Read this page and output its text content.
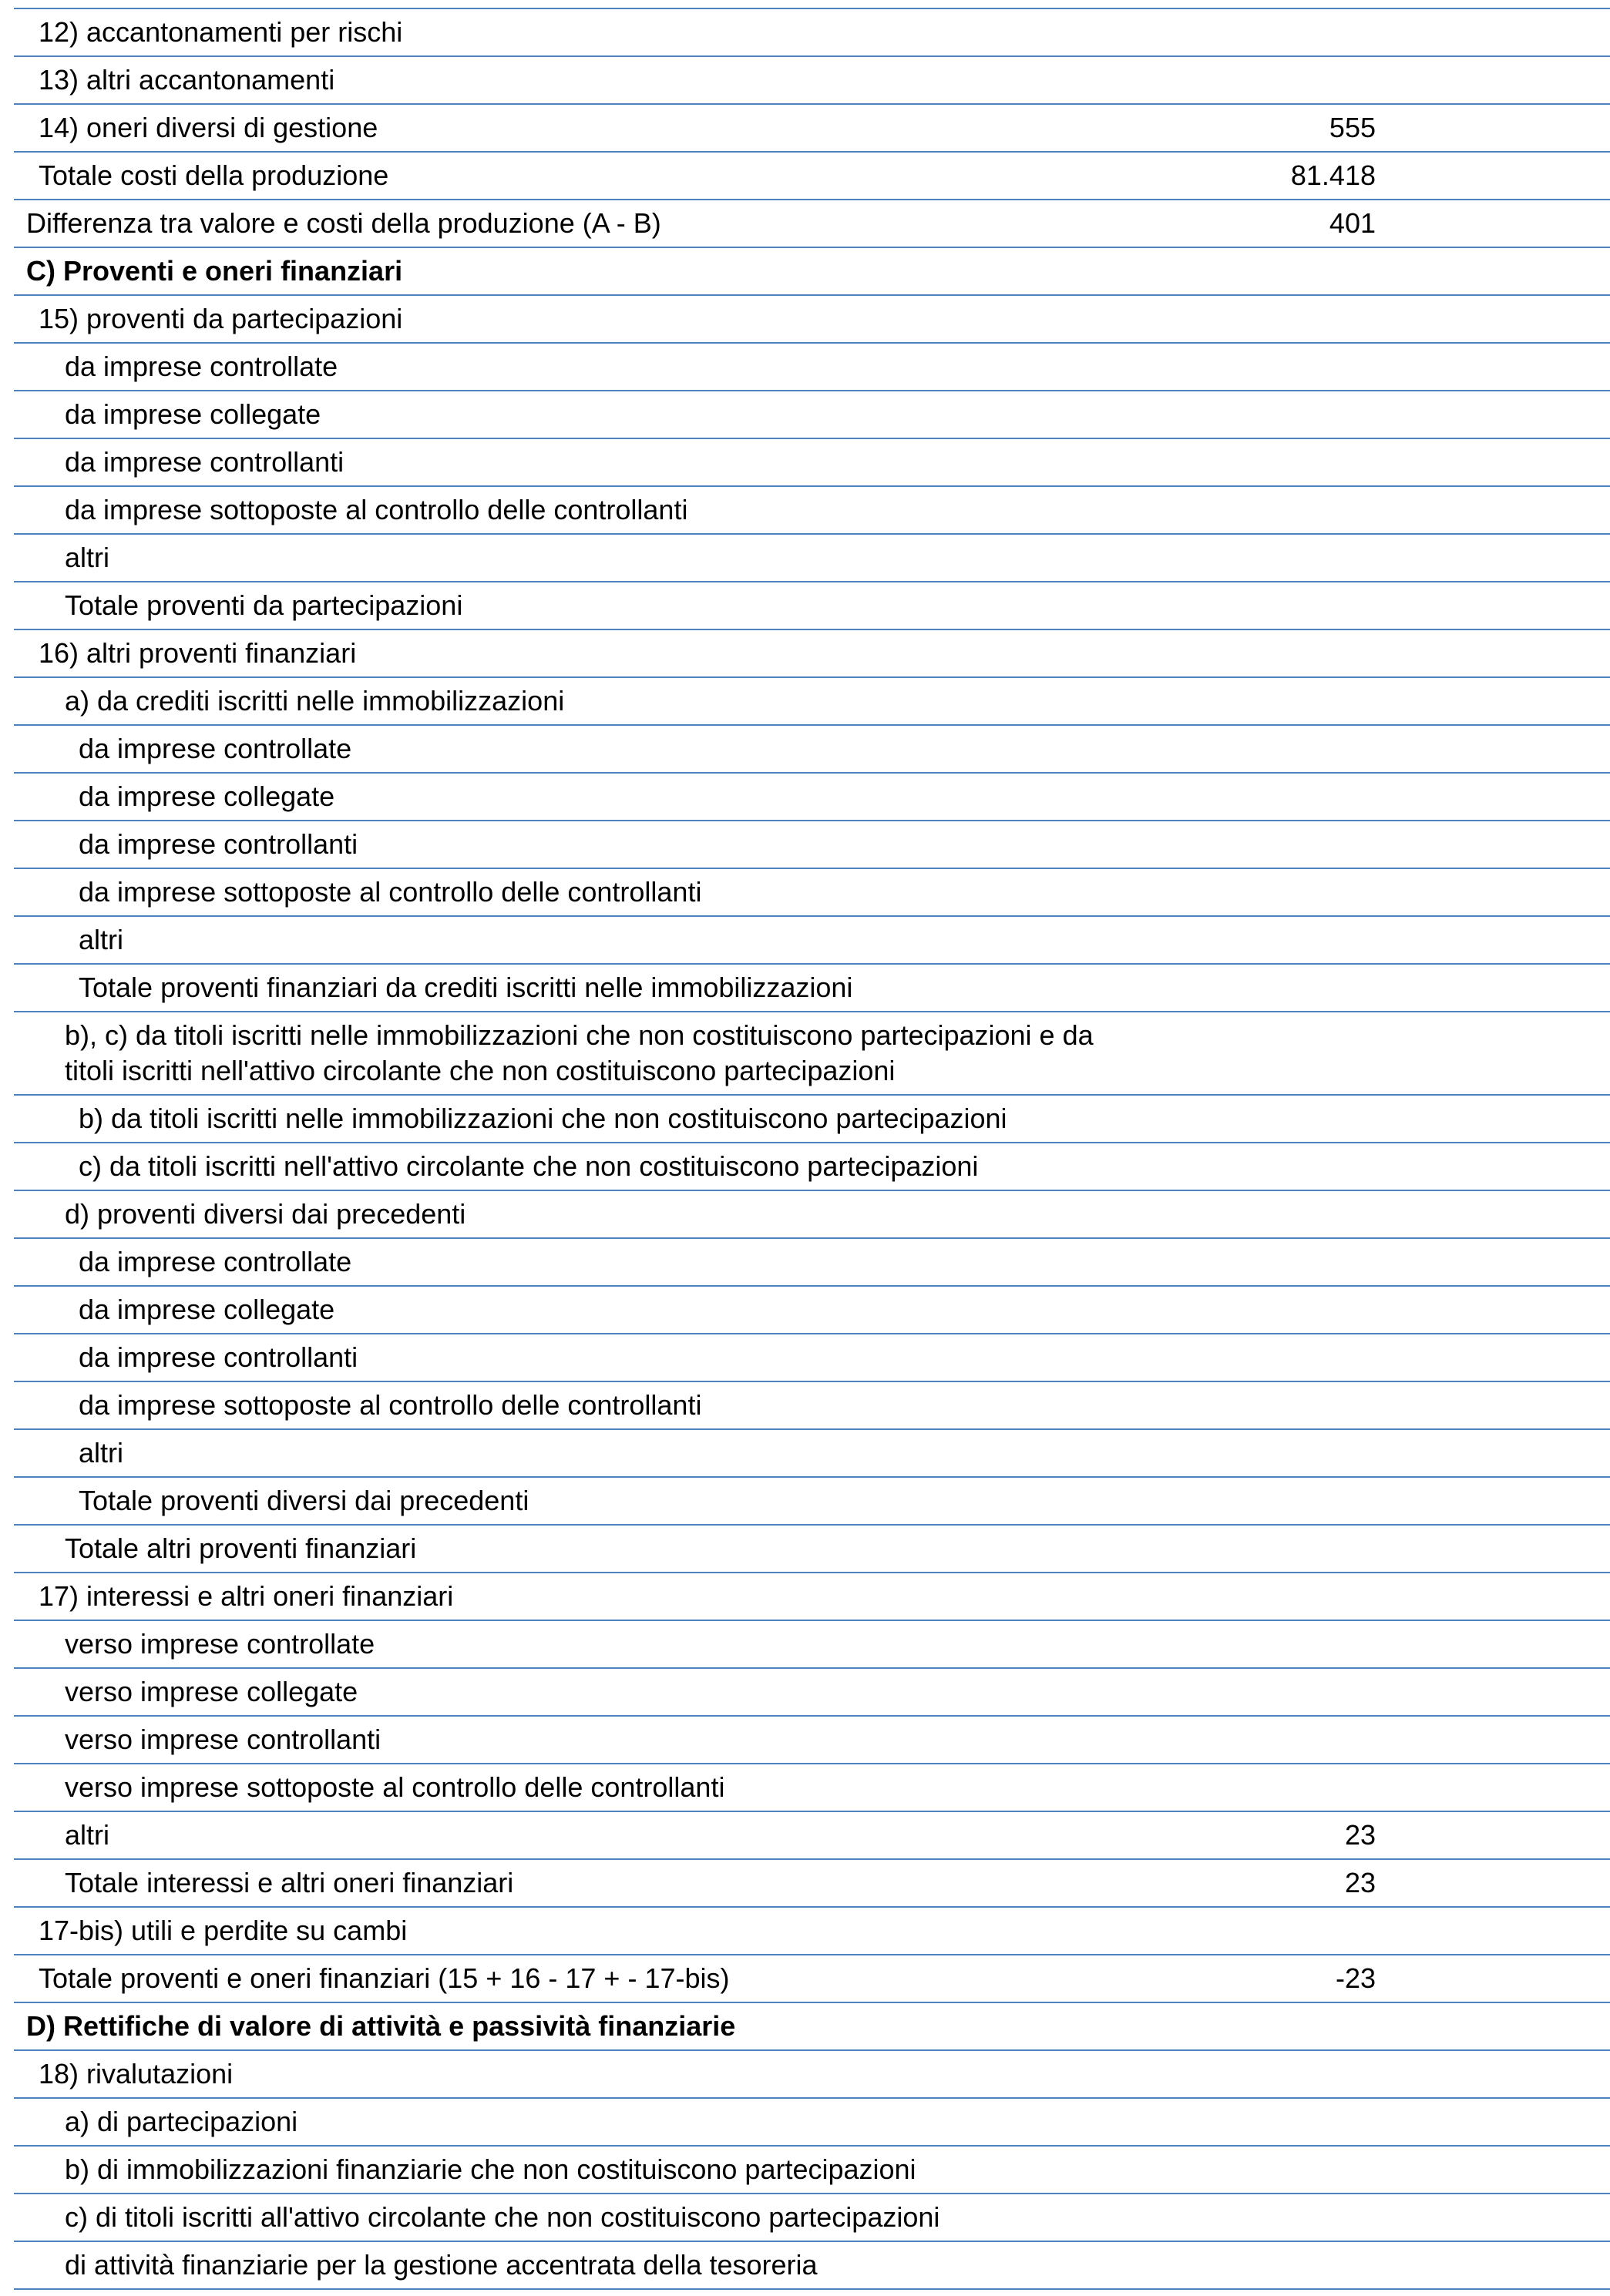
12) accantonamenti per rischi		
13) altri accantonamenti		
14) oneri diversi di gestione	555	
Totale costi della produzione	81.418	
Differenza tra valore e costi della produzione (A - B)	401	
C) Proventi e oneri finanziari		
15) proventi da partecipazioni		
da imprese controllate		
da imprese collegate		
da imprese controllanti		
da imprese sottoposte al controllo delle controllanti		
altri		
Totale proventi da partecipazioni		
16) altri proventi finanziari		
a) da crediti iscritti nelle immobilizzazioni		
da imprese controllate		
da imprese collegate		
da imprese controllanti		
da imprese sottoposte al controllo delle controllanti		
altri		
Totale proventi finanziari da crediti iscritti nelle immobilizzazioni		
b), c) da titoli iscritti nelle immobilizzazioni che non costituiscono partecipazioni e da titoli iscritti nell'attivo circolante che non costituiscono partecipazioni		
b) da titoli iscritti nelle immobilizzazioni che non costituiscono partecipazioni		
c) da titoli iscritti nell'attivo circolante che non costituiscono partecipazioni		
d) proventi diversi dai precedenti		
da imprese controllate		
da imprese collegate		
da imprese controllanti		
da imprese sottoposte al controllo delle controllanti		
altri		
Totale proventi diversi dai precedenti		
Totale altri proventi finanziari		
17) interessi e altri oneri finanziari		
verso imprese controllate		
verso imprese collegate		
verso imprese controllanti		
verso imprese sottoposte al controllo delle controllanti		
altri	23	
Totale interessi e altri oneri finanziari	23	
17-bis) utili e perdite su cambi		
Totale proventi e oneri finanziari (15 + 16 - 17 + - 17-bis)	-23	
D) Rettifiche di valore di attività e passività finanziarie		
18) rivalutazioni		
a) di partecipazioni		
b) di immobilizzazioni finanziarie che non costituiscono partecipazioni		
c) di titoli iscritti all'attivo circolante che non costituiscono partecipazioni		
di attività finanziarie per la gestione accentrata della tesoreria		
